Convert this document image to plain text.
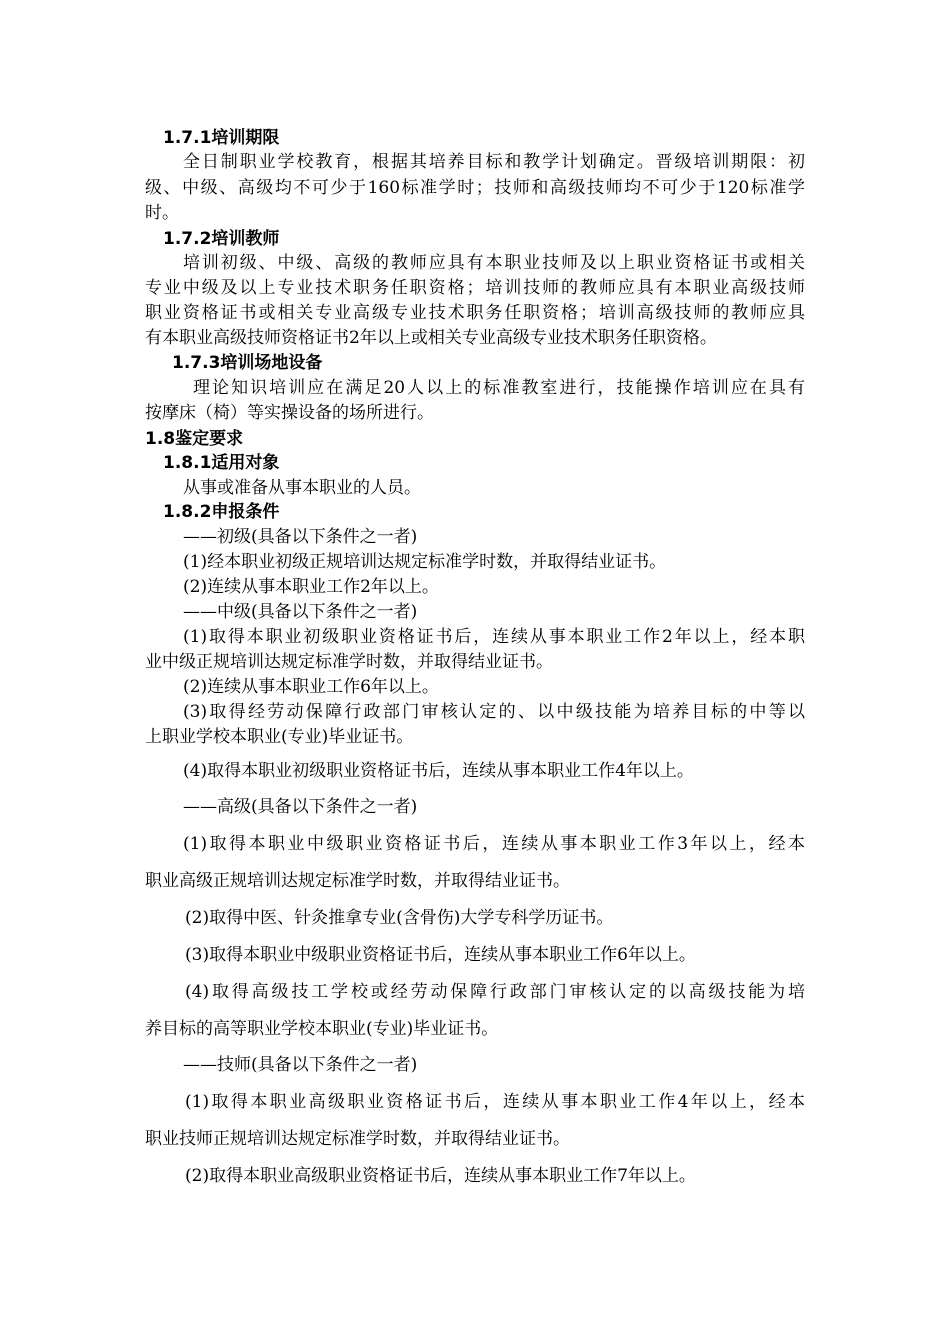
1.7.1培训期限
全日制职业学校教育，根据其培养目标和教学计划确定。晋级培训期限：初
级、中级、高级均不可少于160标准学时；技师和高级技师均不可少于120标准学
时。
1.7.2培训教师
培训初级、中级、高级的教师应具有本职业技师及以上职业资格证书或相关
专业中级及以上专业技术职务任职资格；培训技师的教师应具有本职业高级技师
职业资格证书或相关专业高级专业技术职务任职资格；培训高级技师的教师应具
有本职业高级技师资格证书2年以上或相关专业高级专业技术职务任职资格。
1.7.3培训场地设备
理论知识培训应在满足20人以上的标准教室进行，技能操作培训应在具有
按摩床（椅）等实操设备的场所进行。
1.8鉴定要求
1.8.1适用对象
从事或准备从事本职业的人员。
1.8.2申报条件
——初级(具备以下条件之一者)
(1)经本职业初级正规培训达规定标准学时数，并取得结业证书。
(2)连续从事本职业工作2年以上。
——中级(具备以下条件之一者)
(1)取得本职业初级职业资格证书后，连续从事本职业工作2年以上，经本职
业中级正规培训达规定标准学时数，并取得结业证书。
(2)连续从事本职业工作6年以上。
(3)取得经劳动保障行政部门审核认定的、以中级技能为培养目标的中等以
上职业学校本职业(专业)毕业证书。
(4)取得本职业初级职业资格证书后，连续从事本职业工作4年以上。
——高级(具备以下条件之一者)
(1)取得本职业中级职业资格证书后，连续从事本职业工作3年以上，经本
职业高级正规培训达规定标准学时数，并取得结业证书。
(2)取得中医、针灸推拿专业(含骨伤)大学专科学历证书。
(3)取得本职业中级职业资格证书后，连续从事本职业工作6年以上。
(4)取得高级技工学校或经劳动保障行政部门审核认定的以高级技能为培
养目标的高等职业学校本职业(专业)毕业证书。
——技师(具备以下条件之一者)
(1)取得本职业高级职业资格证书后，连续从事本职业工作4年以上，经本
职业技师正规培训达规定标准学时数，并取得结业证书。
(2)取得本职业高级职业资格证书后，连续从事本职业工作7年以上。
